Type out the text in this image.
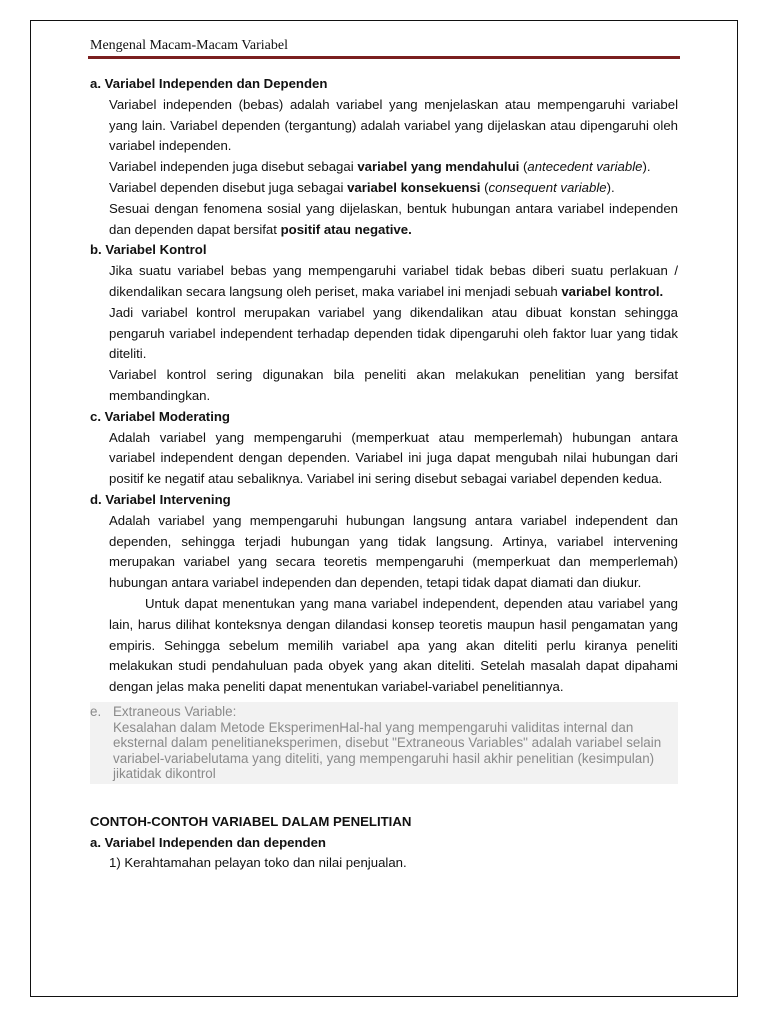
Mengenal Macam-Macam Variabel
a. Variabel Independen dan Dependen
Variabel independen (bebas) adalah variabel yang menjelaskan atau mempengaruhi variabel yang lain. Variabel dependen (tergantung) adalah variabel yang dijelaskan atau dipengaruhi oleh variabel independen.
Variabel independen juga disebut sebagai variabel yang mendahului (antecedent variable).
Variabel dependen disebut juga sebagai variabel konsekuensi (consequent variable).
Sesuai dengan fenomena sosial yang dijelaskan, bentuk hubungan antara variabel independen dan dependen dapat bersifat positif atau negative.
b. Variabel Kontrol
Jika suatu variabel bebas yang mempengaruhi variabel tidak bebas diberi suatu perlakuan / dikendalikan secara langsung oleh periset, maka variabel ini menjadi sebuah variabel kontrol.
Jadi variabel kontrol merupakan variabel yang dikendalikan atau dibuat konstan sehingga pengaruh variabel independent terhadap dependen tidak dipengaruhi oleh faktor luar yang tidak diteliti.
Variabel kontrol sering digunakan bila peneliti akan melakukan penelitian yang bersifat membandingkan.
c. Variabel Moderating
Adalah variabel yang mempengaruhi (memperkuat atau memperlemah) hubungan antara variabel independent dengan dependen. Variabel ini juga dapat mengubah nilai hubungan dari positif ke negatif atau sebaliknya. Variabel ini sering disebut sebagai variabel dependen kedua.
d. Variabel Intervening
Adalah variabel yang mempengaruhi hubungan langsung antara variabel independent dan dependen, sehingga terjadi hubungan yang tidak langsung. Artinya, variabel intervening merupakan variabel yang secara teoretis mempengaruhi (memperkuat dan memperlemah) hubungan antara variabel independen dan dependen, tetapi tidak dapat diamati dan diukur.
Untuk dapat menentukan yang mana variabel independent, dependen atau variabel yang lain, harus dilihat konteksnya dengan dilandasi konsep teoretis maupun hasil pengamatan yang empiris. Sehingga sebelum memilih variabel apa yang akan diteliti perlu kiranya peneliti melakukan studi pendahuluan pada obyek yang akan diteliti. Setelah masalah dapat dipahami dengan jelas maka peneliti dapat menentukan variabel-variabel penelitiannya.
e. Extraneous Variable:
Kesalahan dalam Metode EksperimenHal-hal yang mempengaruhi validitas internal dan eksternal dalam penelitianeksperimen, disebut "Extraneous Variables" adalah variabel selain variabel-variabelutama yang diteliti, yang mempengaruhi hasil akhir penelitian (kesimpulan) jikatidak dikontrol
CONTOH-CONTOH VARIABEL DALAM PENELITIAN
a. Variabel Independen dan dependen
1) Kerahtamahan pelayan toko dan nilai penjualan.
